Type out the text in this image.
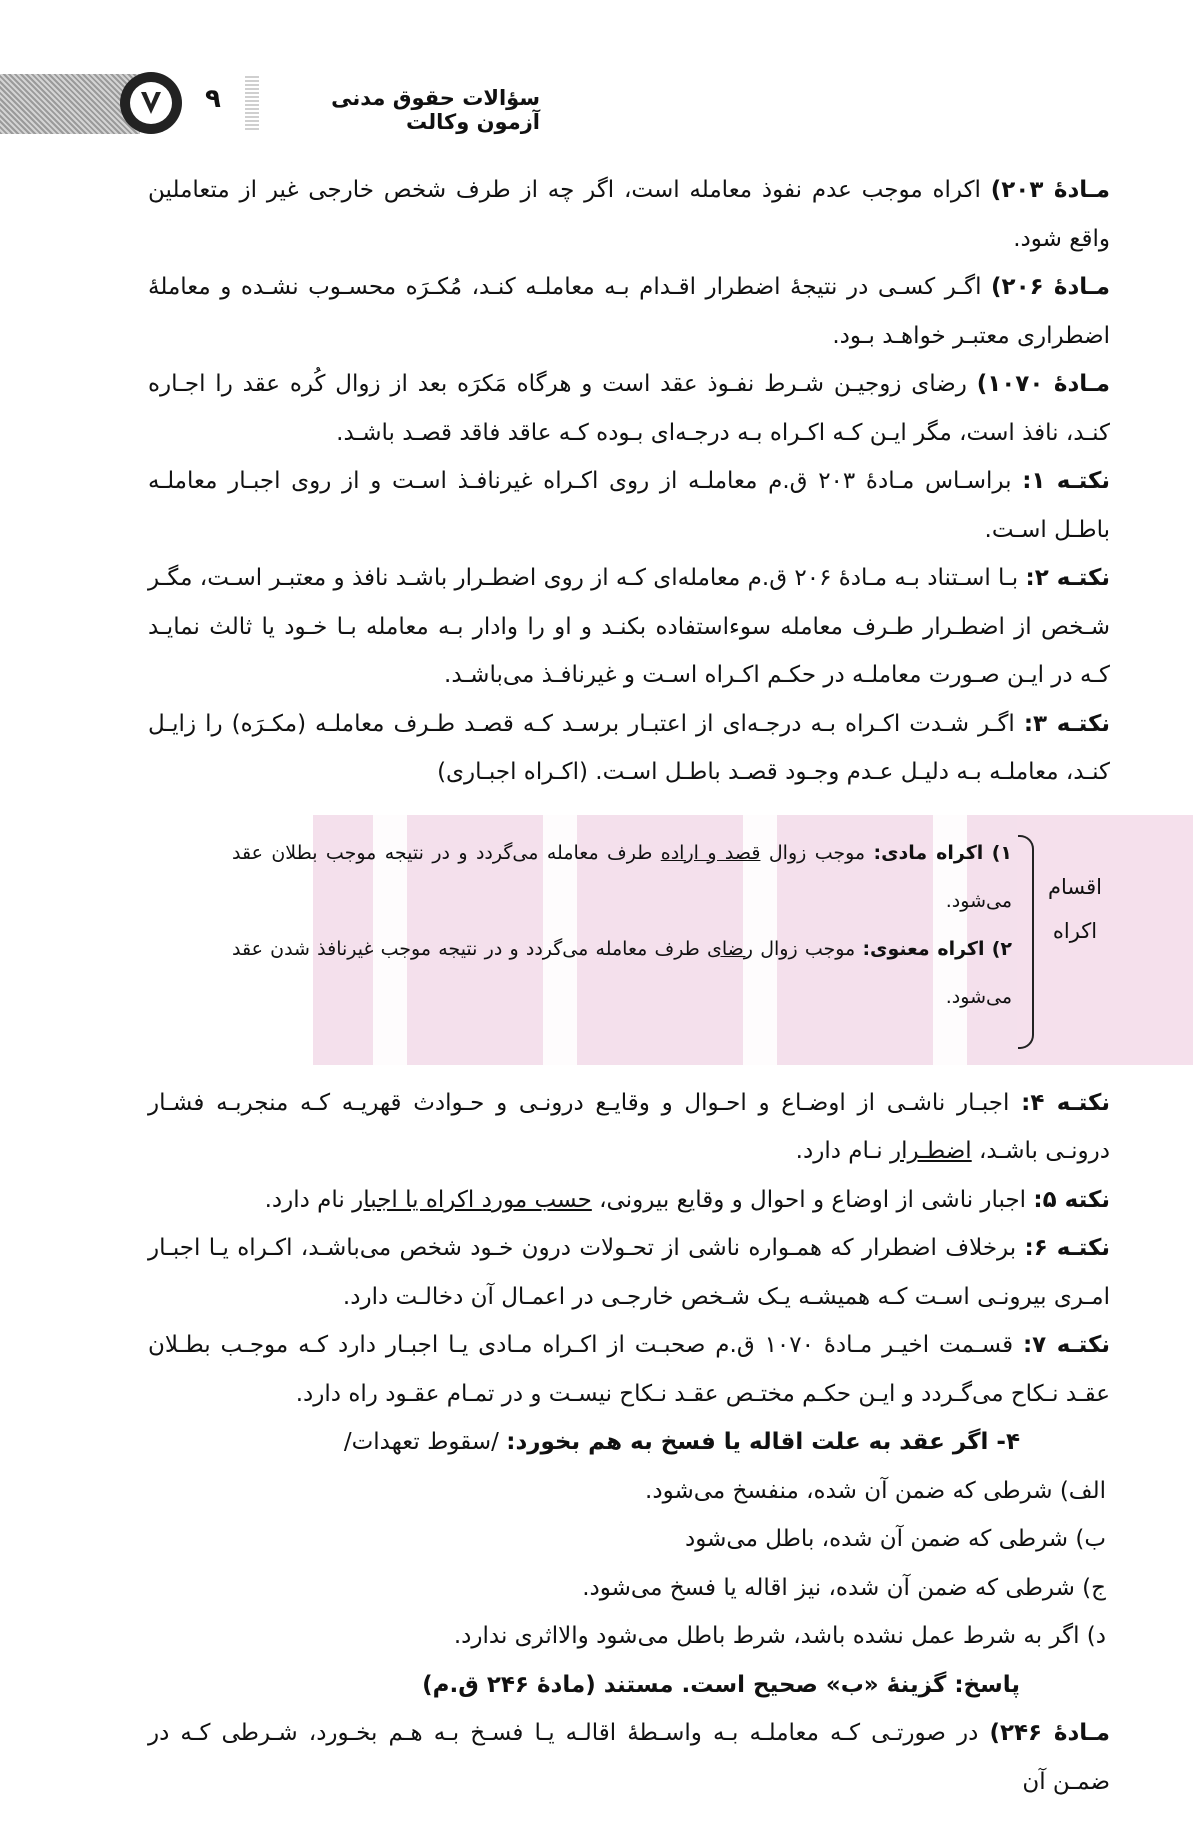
۹	سؤالات حقوق مدنی آزمون وکالت

مـادهٔ ۲۰۳) اکراه موجب عدم نفوذ معامله است، اگر چه از طرف شخص خارجی غیر از متعاملین واقع شود.

مـادهٔ ۲۰۶) اگـر کسـی در نتیجهٔ اضطرار اقـدام بـه معاملـه کنـد، مُکـرَه محسـوب نشـده و معاملهٔ اضطراری معتبـر خواهـد بـود.

مـادهٔ ۱۰۷۰) رضای زوجیـن شـرط نفـوذ عقد است و هرگاه مَکرَه بعد از زوال کُره عقد را اجـاره کنـد، نافذ است، مگر ایـن کـه اکـراه بـه درجـه‌ای بـوده کـه عاقد فاقد قصـد باشـد.

نکتـه ۱: براسـاس مـادهٔ ۲۰۳ ق.م معاملـه از روی اکـراه غیرنافـذ اسـت و از روی اجبـار معاملـه باطـل اسـت.

نکتـه ۲: بـا اسـتناد بـه مـادهٔ ۲۰۶ ق.م معامله‌ای کـه از روی اضطـرار باشـد نافذ و معتبـر اسـت، مگـر شـخص از اضطـرار طـرف معامله سوءاستفاده بکنـد و او را وادار بـه معامله بـا خـود یا ثالث نمایـد کـه در ایـن صـورت معاملـه در حکـم اکـراه اسـت و غیرنافـذ می‌باشـد.

نکتـه ۳: اگـر شـدت اکـراه بـه درجـه‌ای از اعتبـار برسـد کـه قصـد طـرف معاملـه (مکـرَه) را زایـل کنـد، معاملـه بـه دلیـل عـدم وجـود قصـد باطـل اسـت. (اکـراه اجبـاری)

اقسام
اکراه

۱) اکراه مادی: موجب زوال قصد و اراده طرف معامله می‌گردد و در نتیجه موجب بطلان عقد می‌شود.

۲) اکراه معنوی: موجب زوال رضای طرف معامله می‌گردد و در نتیجه موجب غیرنافذ شدن عقد می‌شود.

نکتـه ۴: اجبـار ناشـی از اوضـاع و احـوال و وقایـع درونـی و حـوادث قهریـه کـه منجربـه فشـار درونـی باشـد، اضطـرار نـام دارد.

نکته ۵: اجبار ناشی از اوضاع و احوال و وقایع بیرونی، حسب مورد اکراه یا اجبار نام دارد.

نکتـه ۶: برخلاف اضطرار که همـواره ناشی از تحـولات درون خـود شخص می‌باشـد، اکـراه یـا اجبـار امـری بیرونـی اسـت کـه همیشـه یـک شـخص خارجـی در اعمـال آن دخالـت دارد.

نکتـه ۷: قسـمت اخیـر مـادهٔ ۱۰۷۰ ق.م صحبـت از اکـراه مـادی یـا اجبـار دارد کـه موجـب بطـلان عقـد نـکاح می‌گـردد و ایـن حکـم مختـص عقـد نـکاح نیسـت و در تمـام عقـود راه دارد.

۴- اگر عقد به علت اقاله یا فسخ به هم بخورد: /سقوط تعهدات/

الف) شرطی که ضمن آن شده، منفسخ می‌شود.

ب) شرطی که ضمن آن شده، باطل می‌شود

ج) شرطی که ضمن آن شده، نیز اقاله یا فسخ می‌شود.

د) اگر به شرط عمل نشده باشد، شرط باطل می‌شود والااثری ندارد.

پاسخ: گزینهٔ «ب» صحیح است. مستند (مادهٔ ۲۴۶ ق.م)

مـادهٔ ۲۴۶) در صورتـی کـه معاملـه بـه واسـطهٔ اقالـه یـا فسـخ بـه هـم بخـورد، شـرطی کـه در ضمـن آن
